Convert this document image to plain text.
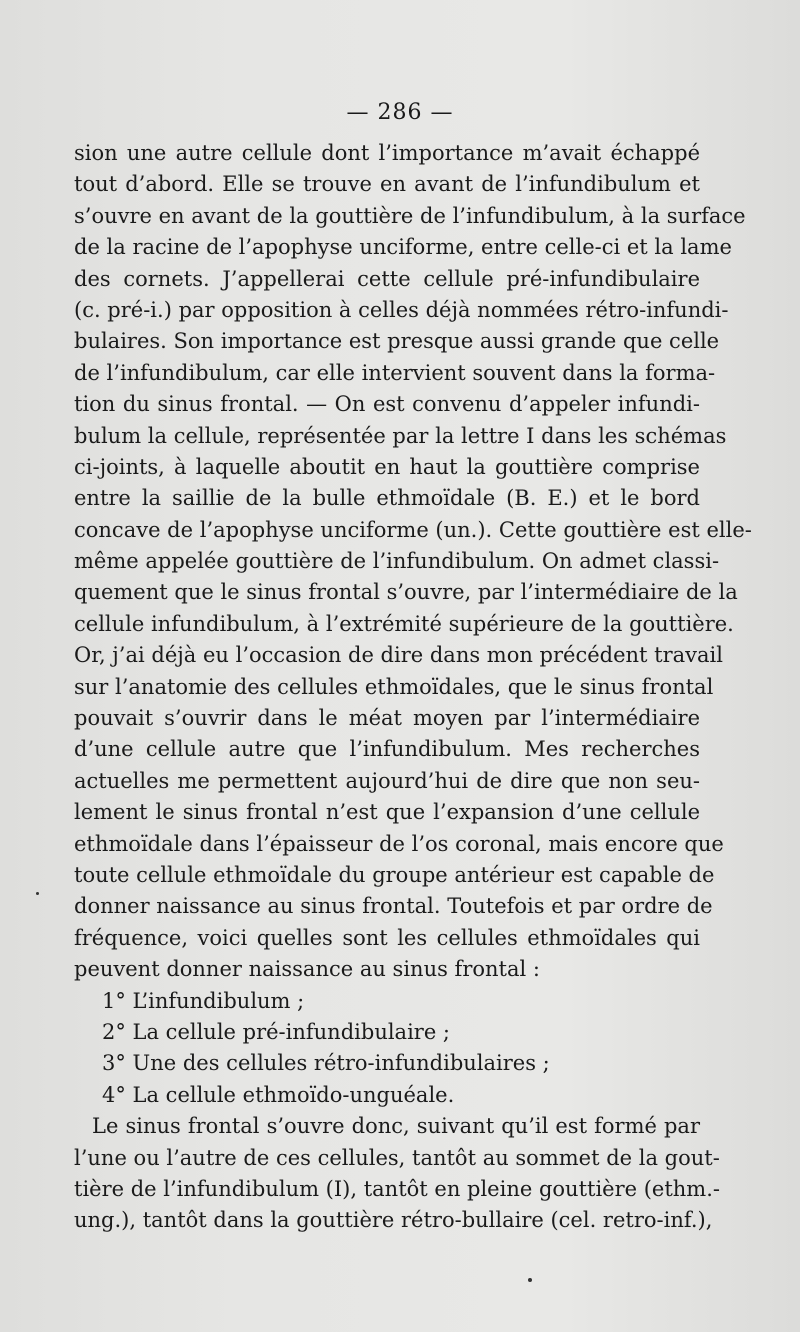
— 286 —
sion une autre cellule dont l’importance m’avait échappé
tout d’abord. Elle se trouve en avant de l’infundibulum et
s’ouvre en avant de la gouttière de l’infundibulum, à la surface
de la racine de l’apophyse unciforme, entre celle-ci et la lame
des cornets. J’appellerai cette cellule pré-infundibulaire
(c. pré-i.) par opposition à celles déjà nommées rétro-infundi-
bulaires. Son importance est presque aussi grande que celle
de l’infundibulum, car elle intervient souvent dans la forma-
tion du sinus frontal. — On est convenu d’appeler infundi-
bulum la cellule, représentée par la lettre I dans les schémas
ci-joints, à laquelle aboutit en haut la gouttière comprise
entre la saillie de la bulle ethmoïdale (B. E.) et le bord
concave de l’apophyse unciforme (un.). Cette gouttière est elle-
même appelée gouttière de l’infundibulum. On admet classi-
quement que le sinus frontal s’ouvre, par l’intermédiaire de la
cellule infundibulum, à l’extrémité supérieure de la gouttière.
Or, j’ai déjà eu l’occasion de dire dans mon précédent travail
sur l’anatomie des cellules ethmoïdales, que le sinus frontal
pouvait s’ouvrir dans le méat moyen par l’intermédiaire
d’une cellule autre que l’infundibulum. Mes recherches
actuelles me permettent aujourd’hui de dire que non seu-
lement le sinus frontal n’est que l’expansion d’une cellule
ethmoïdale dans l’épaisseur de l’os coronal, mais encore que
toute cellule ethmoïdale du groupe antérieur est capable de
donner naissance au sinus frontal. Toutefois et par ordre de
fréquence, voici quelles sont les cellules ethmoïdales qui
peuvent donner naissance au sinus frontal :
1° L’infundibulum ;
2° La cellule pré-infundibulaire ;
3° Une des cellules rétro-infundibulaires ;
4° La cellule ethmoïdo-unguéale.
Le sinus frontal s’ouvre donc, suivant qu’il est formé par
l’une ou l’autre de ces cellules, tantôt au sommet de la gout-
tière de l’infundibulum (I), tantôt en pleine gouttière (ethm.-
ung.), tantôt dans la gouttière rétro-bullaire (cel. retro-inf.),
